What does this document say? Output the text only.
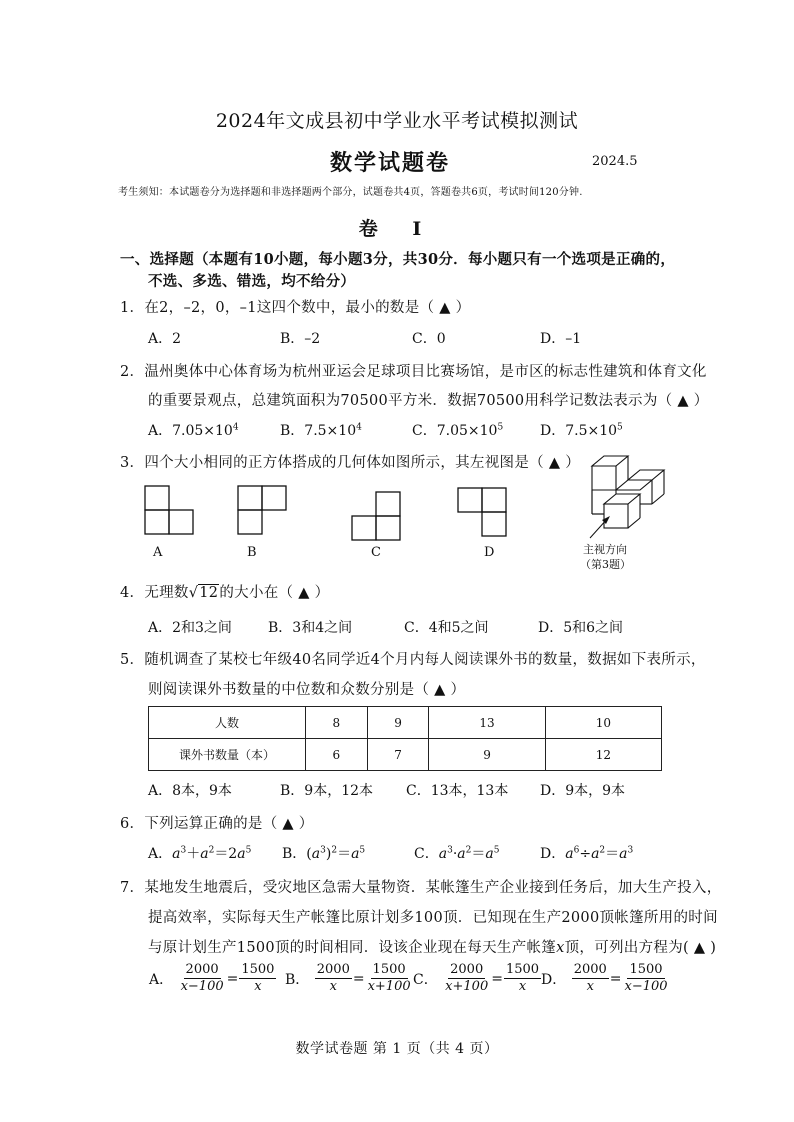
2024年文成县初中学业水平考试模拟测试
数学试题卷	2024.5
考生须知：本试题卷分为选择题和非选择题两个部分，试题卷共4页，答题卷共6页，考试时间120分钟.
卷 I
一、选择题（本题有10小题，每小题3分，共30分．每小题只有一个选项是正确的，
不选、多选、错选，均不给分）
1．在2，–2，0，–1这四个数中，最小的数是（ ▲ ）
A．2	B．–2	C．0	D．–1
2．温州奥体中心体育场为杭州亚运会足球项目比赛场馆，是市区的标志性建筑和体育文化
的重要景观点，总建筑面积为70500平方米．数据70500用科学记数法表示为（ ▲ ）
A．$7.05\times 10^4$	B．$7.5\times 10^4$	C．$7.05\times 10^5$	D．$7.5\times 10^5$
3．四个大小相同的正方体搭成的几何体如图所示，其左视图是（ ▲ ）
A	B	C	D	主视方向
（第3题）
4．无理数√12的大小在（ ▲ ）
A．2和3之间	B．3和4之间	C．4和5之间	D．5和6之间
5．随机调查了某校七年级40名同学近4个月内每人阅读课外书的数量，数据如下表所示，
则阅读课外书数量的中位数和众数分别是（ ▲ ）
人数	8	9	13	10
课外书数量（本）	6	7	9	12
A．8本，9本	B．9本，12本 C．13本，13本 D．9本，9本
6．下列运算正确的是（ ▲ ）
A．$a^3+a^2=2a^5$ B．$(a^3)^2=a^5$	C．$a^3\cdot a^2=a^5$	D．$a^6\div a^2=a^3$
7．某地发生地震后，受灾地区急需大量物资．某帐篷生产企业接到任务后，加大生产投入，
提高效率，实际每天生产帐篷比原计划多100顶．已知现在生产2000顶帐篷所用的时间
与原计划生产1500顶的时间相同．设该企业现在每天生产帐篷x顶，可列出方程为( ▲ )
A． $\frac{2000}{x-100} = \frac{1500}{x}$ B． $\frac{2000}{x} = \frac{1500}{x+100}$ C． $\frac{2000}{x+100} = \frac{1500}{x}$ D． $\frac{2000}{x} = \frac{1500}{x-100}$
数学试卷题 第 1 页（共 4 页）
